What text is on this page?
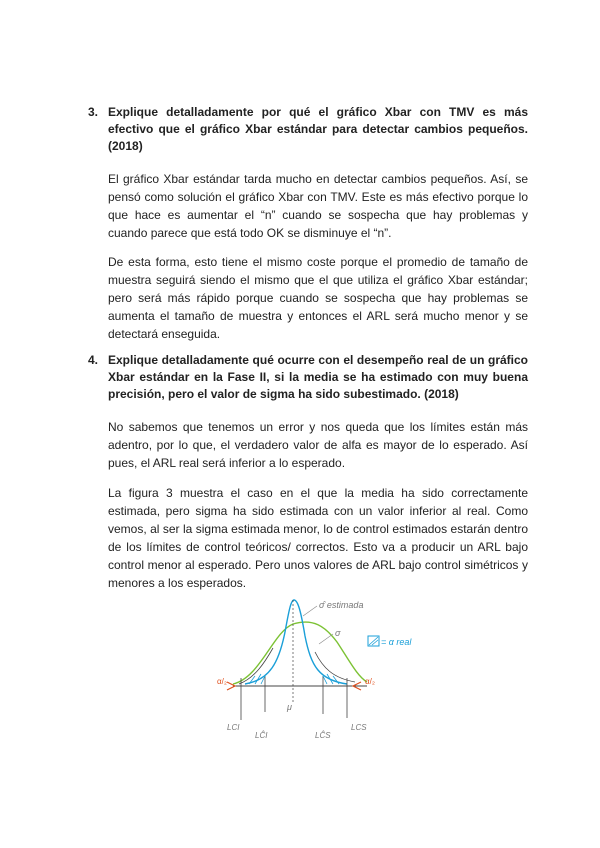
3. Explique detalladamente por qué el gráfico Xbar con TMV es más efectivo que el gráfico Xbar estándar para detectar cambios pequeños. (2018)

El gráfico Xbar estándar tarda mucho en detectar cambios pequeños. Así, se pensó como solución el gráfico Xbar con TMV. Este es más efectivo porque lo que hace es aumentar el “n” cuando se sospecha que hay problemas y cuando parece que está todo OK se disminuye el “n”.

De esta forma, esto tiene el mismo coste porque el promedio de tamaño de muestra seguirá siendo el mismo que el que utiliza el gráfico Xbar estándar; pero será más rápido porque cuando se sospecha que hay problemas se aumenta el tamaño de muestra y entonces el ARL será mucho menor y se detectará enseguida.

4. Explique detalladamente qué ocurre con el desempeño real de un gráfico Xbar estándar en la Fase II, si la media se ha estimado con muy buena precisión, pero el valor de sigma ha sido subestimado. (2018)

No sabemos que tenemos un error y nos queda que los límites están más adentro, por lo que, el verdadero valor de alfa es mayor de lo esperado. Así pues, el ARL real será inferior a lo esperado.

La figura 3 muestra el caso en el que la media ha sido correctamente estimada, pero sigma ha sido estimada con un valor inferior al real. Como vemos, al ser la sigma estimada menor, lo de control estimados estarán dentro de los límites de control teóricos/ correctos. Esto va a producir un ARL bajo control menor al esperado. Pero unos valores de ARL bajo control simétricos y menores a los esperados.

σ̂ estimada
σ
α/₂	α/₂
μ
LCI
LĈI	LĈS
LCS
= α real
